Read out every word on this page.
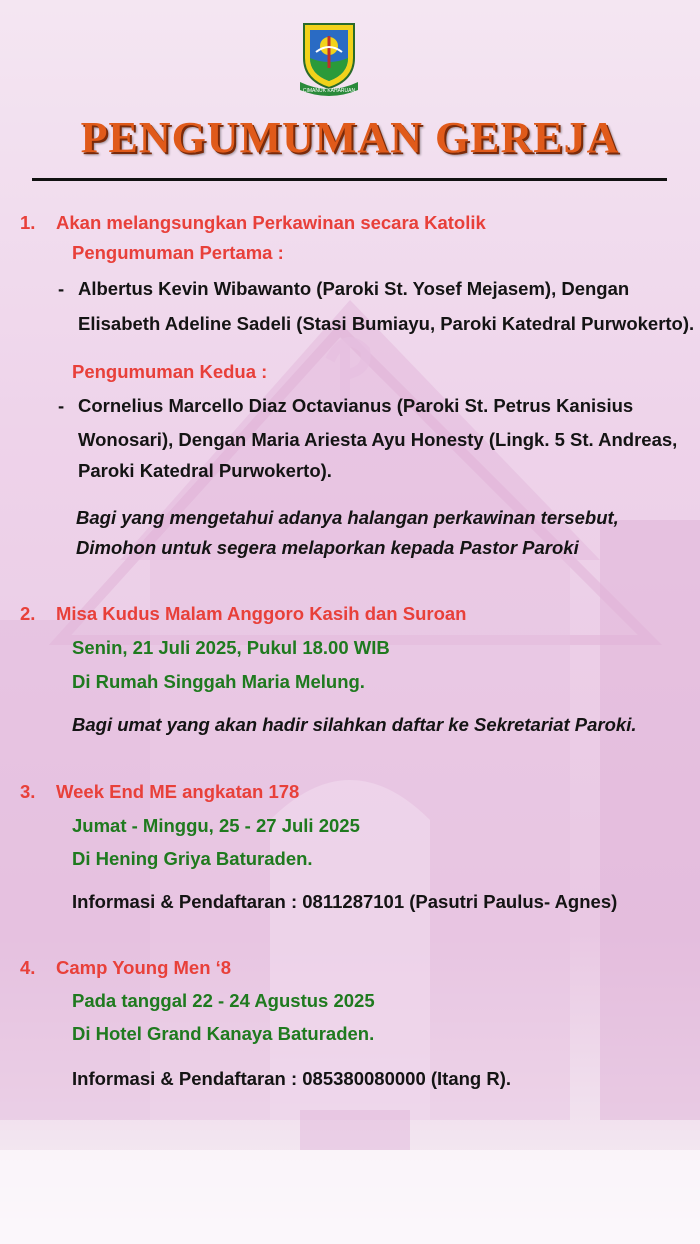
CIMANUK KAHARUAN
PENGUMUMAN GEREJA
1. Akan melangsungkan Perkawinan secara Katolik
Pengumuman Pertama :
- Albertus Kevin Wibawanto (Paroki St. Yosef Mejasem), Dengan
Elisabeth Adeline Sadeli (Stasi Bumiayu, Paroki Katedral Purwokerto).
Pengumuman Kedua :
- Cornelius Marcello Diaz Octavianus (Paroki St. Petrus Kanisius
Wonosari), Dengan Maria Ariesta Ayu Honesty (Lingk. 5 St. Andreas,
Paroki Katedral Purwokerto).
Bagi yang mengetahui adanya halangan perkawinan tersebut,
Dimohon untuk segera melaporkan kepada Pastor Paroki
2. Misa Kudus Malam Anggoro Kasih dan Suroan
Senin, 21 Juli 2025, Pukul 18.00 WIB
Di Rumah Singgah Maria Melung.
Bagi umat yang akan hadir silahkan daftar ke Sekretariat Paroki.
3. Week End ME angkatan 178
Jumat - Minggu, 25 - 27 Juli 2025
Di Hening Griya Baturaden.
Informasi & Pendaftaran : 0811287101 (Pasutri Paulus- Agnes)
4. Camp Young Men ‘8
Pada tanggal 22 - 24 Agustus 2025
Di Hotel Grand Kanaya Baturaden.
Informasi & Pendaftaran : 085380080000 (Itang R).
